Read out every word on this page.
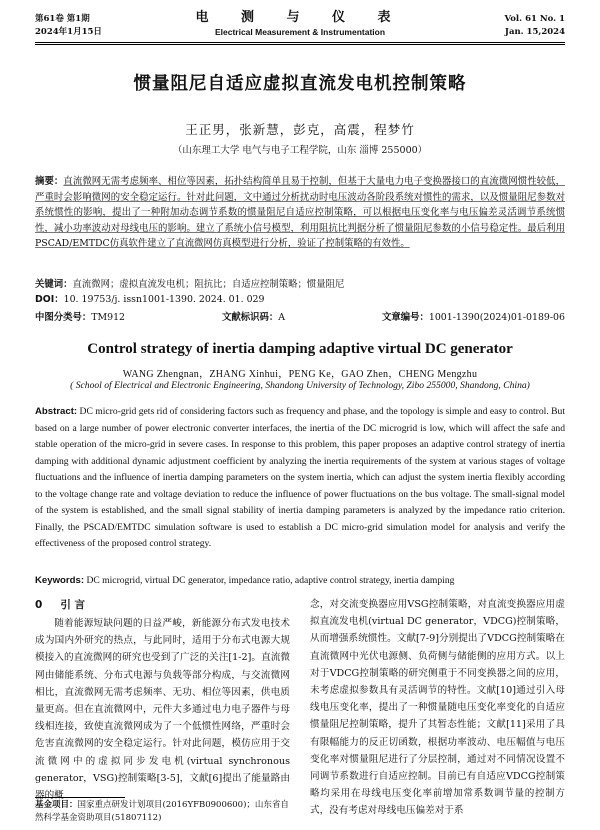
第61卷 第1期
2024年1月15日
电 测 与 仪 表
Electrical Measurement & Instrumentation
Vol. 61 No. 1
Jan. 15,2024
惯量阻尼自适应虚拟直流发电机控制策略
王正男，张新慧，彭克，高震，程梦竹
（山东理工大学 电气与电子工程学院，山东 淄博 255000）
摘要：直流微网无需考虑频率、相位等因素，拓扑结构简单且易于控制，但基于大量电力电子变换器接口的直流微网惯性较低，严重时会影响微网的安全稳定运行。针对此问题，文中通过分析扰动时电压波动各阶段系统对惯性的需求，以及惯量阻尼参数对系统惯性的影响，提出了一种附加动态调节系数的惯量阻尼自适应控制策略，可以根据电压变化率与电压偏差灵活调节系统惯性，减小功率波动对母线电压的影响。建立了系统小信号模型，利用阻抗比判据分析了惯量阻尼参数的小信号稳定性。最后利用PSCAD/EMTDC仿真软件建立了直流微网仿真模型进行分析，验证了控制策略的有效性。
关键词：直流微网；虚拟直流发电机；阻抗比；自适应控制策略；惯量阻尼
DOI：10. 19753/j. issn1001-1390. 2024. 01. 029
中图分类号：TM912	文献标识码：A	文章编号：1001-1390(2024)01-0189-06
Control strategy of inertia damping adaptive virtual DC generator
WANG Zhengnan，ZHANG Xinhui，PENG Ke，GAO Zhen，CHENG Mengzhu
( School of Electrical and Electronic Engineering, Shandong University of Technology, Zibo 255000, Shandong, China)
Abstract: DC micro-grid gets rid of considering factors such as frequency and phase, and the topology is simple and easy to control. But based on a large number of power electronic converter interfaces, the inertia of the DC microgrid is low, which will affect the safe and stable operation of the micro-grid in severe cases. In response to this problem, this paper proposes an adaptive control strategy of inertia damping with additional dynamic adjustment coefficient by analyzing the inertia requirements of the system at various stages of voltage fluctuations and the influence of inertia damping parameters on the system inertia, which can adjust the system inertia flexibly according to the voltage change rate and voltage deviation to reduce the influence of power fluctuations on the bus voltage. The small-signal model of the system is established, and the small signal stability of inertia damping parameters is analyzed by the impedance ratio criterion. Finally, the PSCAD/EMTDC simulation software is used to establish a DC micro-grid simulation model for analysis and verify the effectiveness of the proposed control strategy.
Keywords: DC microgrid, virtual DC generator, impedance ratio, adaptive control strategy, inertia damping
0 引 言
随着能源短缺问题的日益严峻，新能源分布式发电技术成为国内外研究的热点，与此同时，适用于分布式电源大规模接入的直流微网的研究也受到了广泛的关注[1-2]。直流微网由储能系统、分布式电源与负载等部分构成，与交流微网相比，直流微网无需考虑频率、无功、相位等因素，供电质量更高。但在直流微网中，元件大多通过电力电子器件与母线相连接，致使直流微网成为了一个低惯性网络，严重时会危害直流微网的安全稳定运行。针对此问题，模仿应用于交流微网中的虚拟同步发电机(virtual synchronous generator，VSG)控制策略[3-5]，文献[6]提出了能量路由器的概
念，对交流变换器应用VSG控制策略，对直流变换器应用虚拟直流发电机(virtual DC generator，VDCG)控制策略，从而增强系统惯性。文献[7-9]分别提出了VDCG控制策略在直流微网中光伏电源侧、负荷侧与储能侧的应用方式。以上对于VDCG控制策略的研究侧重于不同变换器之间的应用，未考虑虚拟参数具有灵活调节的特性。文献[10]通过引入母线电压变化率，提出了一种惯量随电压变化率变化的自适应惯量阻尼控制策略，提升了其暂态性能；文献[11]采用了具有限幅能力的反正切函数，根据功率波动、电压幅值与电压变化率对惯量阻尼进行了分层控制，通过对不同情况设置不同调节系数进行自适应控制。目前已有自适应VDCG控制策略均采用在母线电压变化率前增加常系数调节量的控制方式，没有考虑对母线电压偏差对于系
基金项目：国家重点研发计划项目(2016YFB0900600)；山东省自然科学基金资助项目(51807112)
